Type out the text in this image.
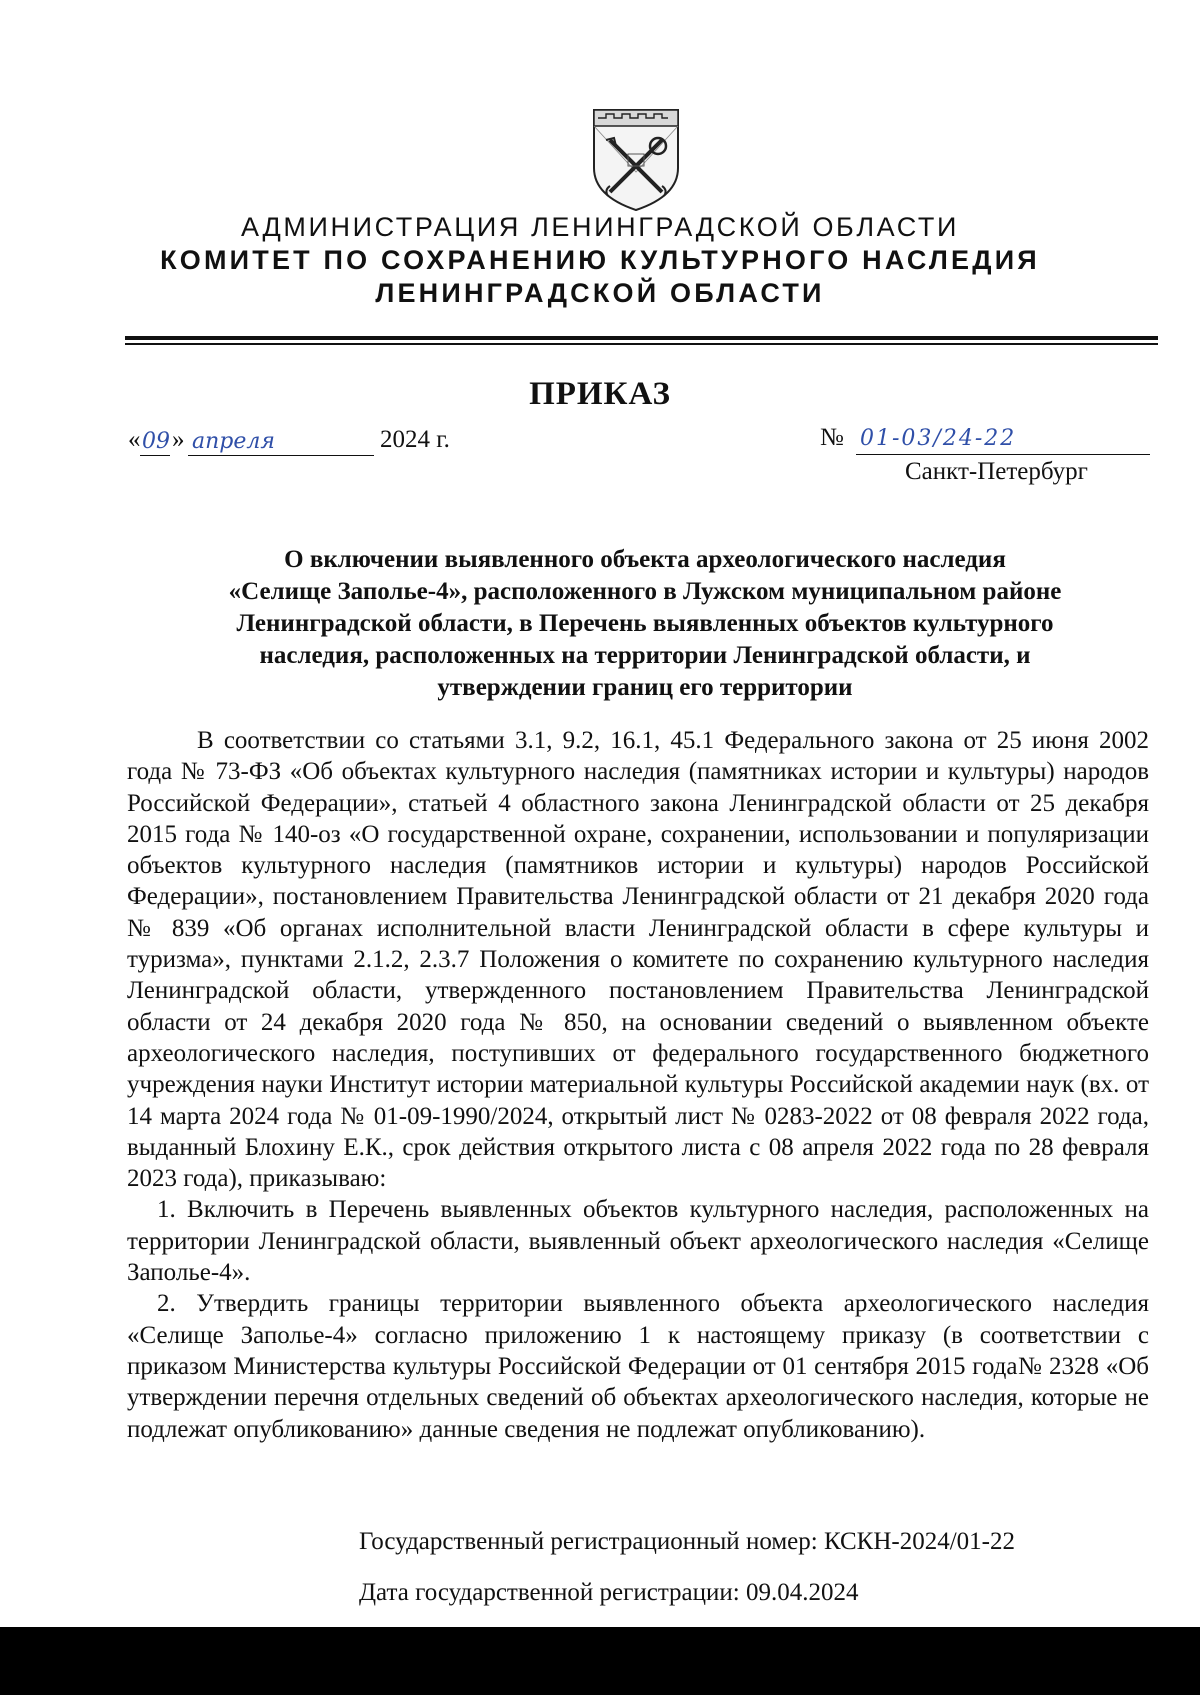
АДМИНИСТРАЦИЯ ЛЕНИНГРАДСКОЙ ОБЛАСТИ
КОМИТЕТ ПО СОХРАНЕНИЮ КУЛЬТУРНОГО НАСЛЕДИЯ
ЛЕНИНГРАДСКОЙ ОБЛАСТИ
ПРИКАЗ
« 09 » апреля	2024 г.	№ 01-03/24-22
Санкт-Петербург
О включении выявленного объекта археологического наследия
«Селище Заполье-4», расположенного в Лужском муниципальном районе
Ленинградской области, в Перечень выявленных объектов культурного
наследия, расположенных на территории Ленинградской области, и
утверждении границ его территории

В соответствии со статьями 3.1, 9.2, 16.1, 45.1 Федерального закона от 25 июня 2002 года № 73-ФЗ «Об объектах культурного наследия (памятниках истории и культуры) народов Российской Федерации», статьей 4 областного закона Ленинградской области от 25 декабря 2015 года № 140-оз «О государственной охране, сохранении, использовании и популяризации объектов культурного наследия (памятников истории и культуры) народов Российской Федерации», постановлением Правительства Ленинградской области от 21 декабря 2020 года № 839 «Об органах исполнительной власти Ленинградской области в сфере культуры и туризма», пунктами 2.1.2, 2.3.7 Положения о комитете по сохранению культурного наследия Ленинградской области, утвержденного постановлением Правительства Ленинградской области от 24 декабря 2020 года № 850, на основании сведений о выявленном объекте археологического наследия, поступивших от федерального государственного бюджетного учреждения науки Институт истории материальной культуры Российской академии наук (вх. от 14 марта 2024 года № 01-09-1990/2024, открытый лист № 0283-2022 от 08 февраля 2022 года, выданный Блохину Е.К., срок действия открытого листа с 08 апреля 2022 года по 28 февраля 2023 года), приказываю:

1. Включить в Перечень выявленных объектов культурного наследия, расположенных на территории Ленинградской области, выявленный объект археологического наследия «Селище Заполье-4».

2. Утвердить границы территории выявленного объекта археологического наследия «Селище Заполье-4» согласно приложению 1 к настоящему приказу (в соответствии с приказом Министерства культуры Российской Федерации от 01 сентября 2015 года№ 2328 «Об утверждении перечня отдельных сведений об объектах археологического наследия, которые не подлежат опубликованию» данные сведения не подлежат опубликованию).

Государственный регистрационный номер: КСКН-2024/01-22
Дата государственной регистрации: 09.04.2024
